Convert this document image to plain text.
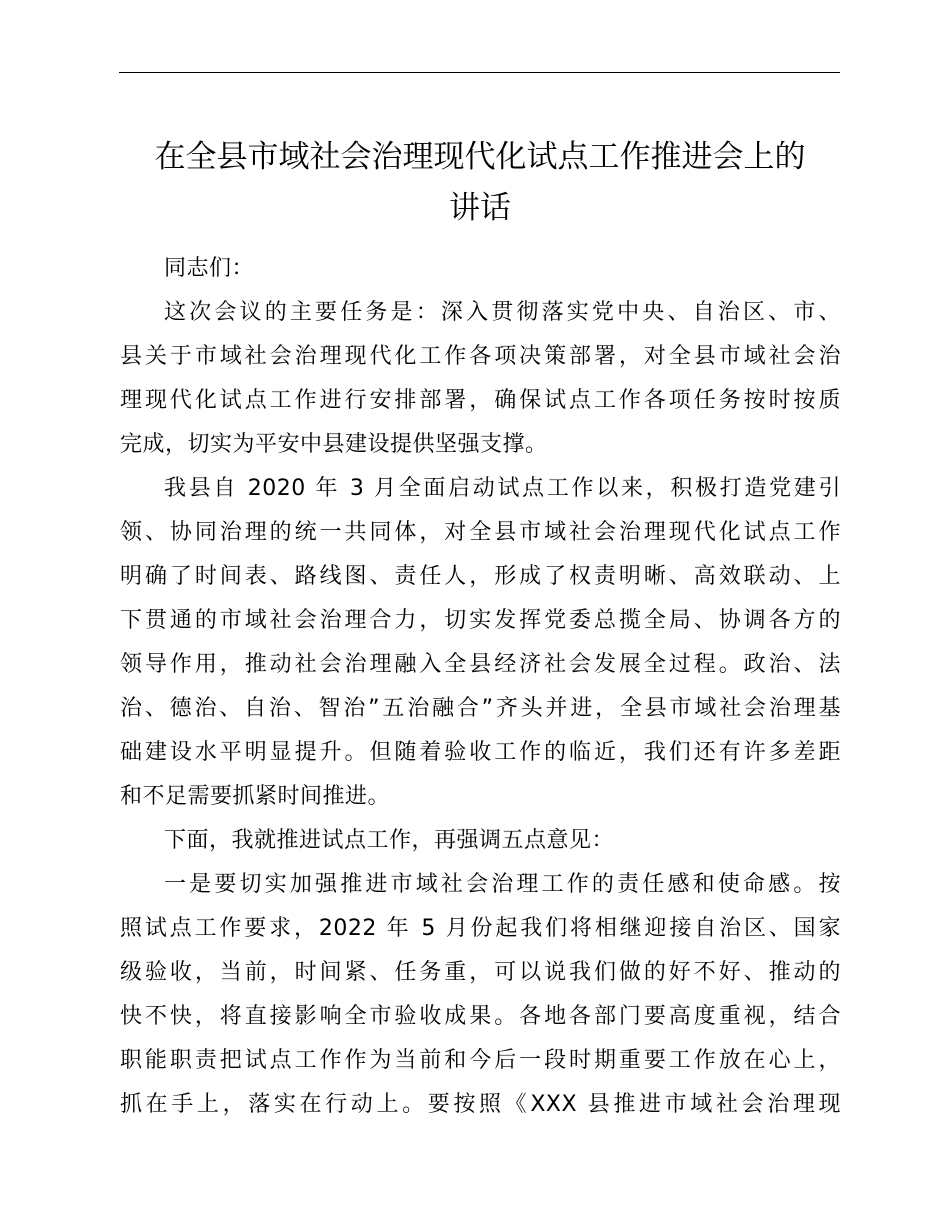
在全县市域社会治理现代化试点工作推进会上的
讲话

同志们：

这次会议的主要任务是：深入贯彻落实党中央、自治区、市、
县关于市域社会治理现代化工作各项决策部署，对全县市域社会治
理现代化试点工作进行安排部署，确保试点工作各项任务按时按质
完成，切实为平安中县建设提供坚强支撑。

我县自 2020 年 3 月全面启动试点工作以来，积极打造党建引
领、协同治理的统一共同体，对全县市域社会治理现代化试点工作
明确了时间表、路线图、责任人，形成了权责明晰、高效联动、上
下贯通的市域社会治理合力，切实发挥党委总揽全局、协调各方的
领导作用，推动社会治理融入全县经济社会发展全过程。政治、法
治、德治、自治、智治”五治融合”齐头并进，全县市域社会治理基
础建设水平明显提升。但随着验收工作的临近，我们还有许多差距
和不足需要抓紧时间推进。

下面，我就推进试点工作，再强调五点意见：

一是要切实加强推进市域社会治理工作的责任感和使命感。按
照试点工作要求，2022 年 5 月份起我们将相继迎接自治区、国家
级验收，当前，时间紧、任务重，可以说我们做的好不好、推动的
快不快，将直接影响全市验收成果。各地各部门要高度重视，结合
职能职责把试点工作作为当前和今后一段时期重要工作放在心上，
抓在手上，落实在行动上。要按照《XXX 县推进市域社会治理现
